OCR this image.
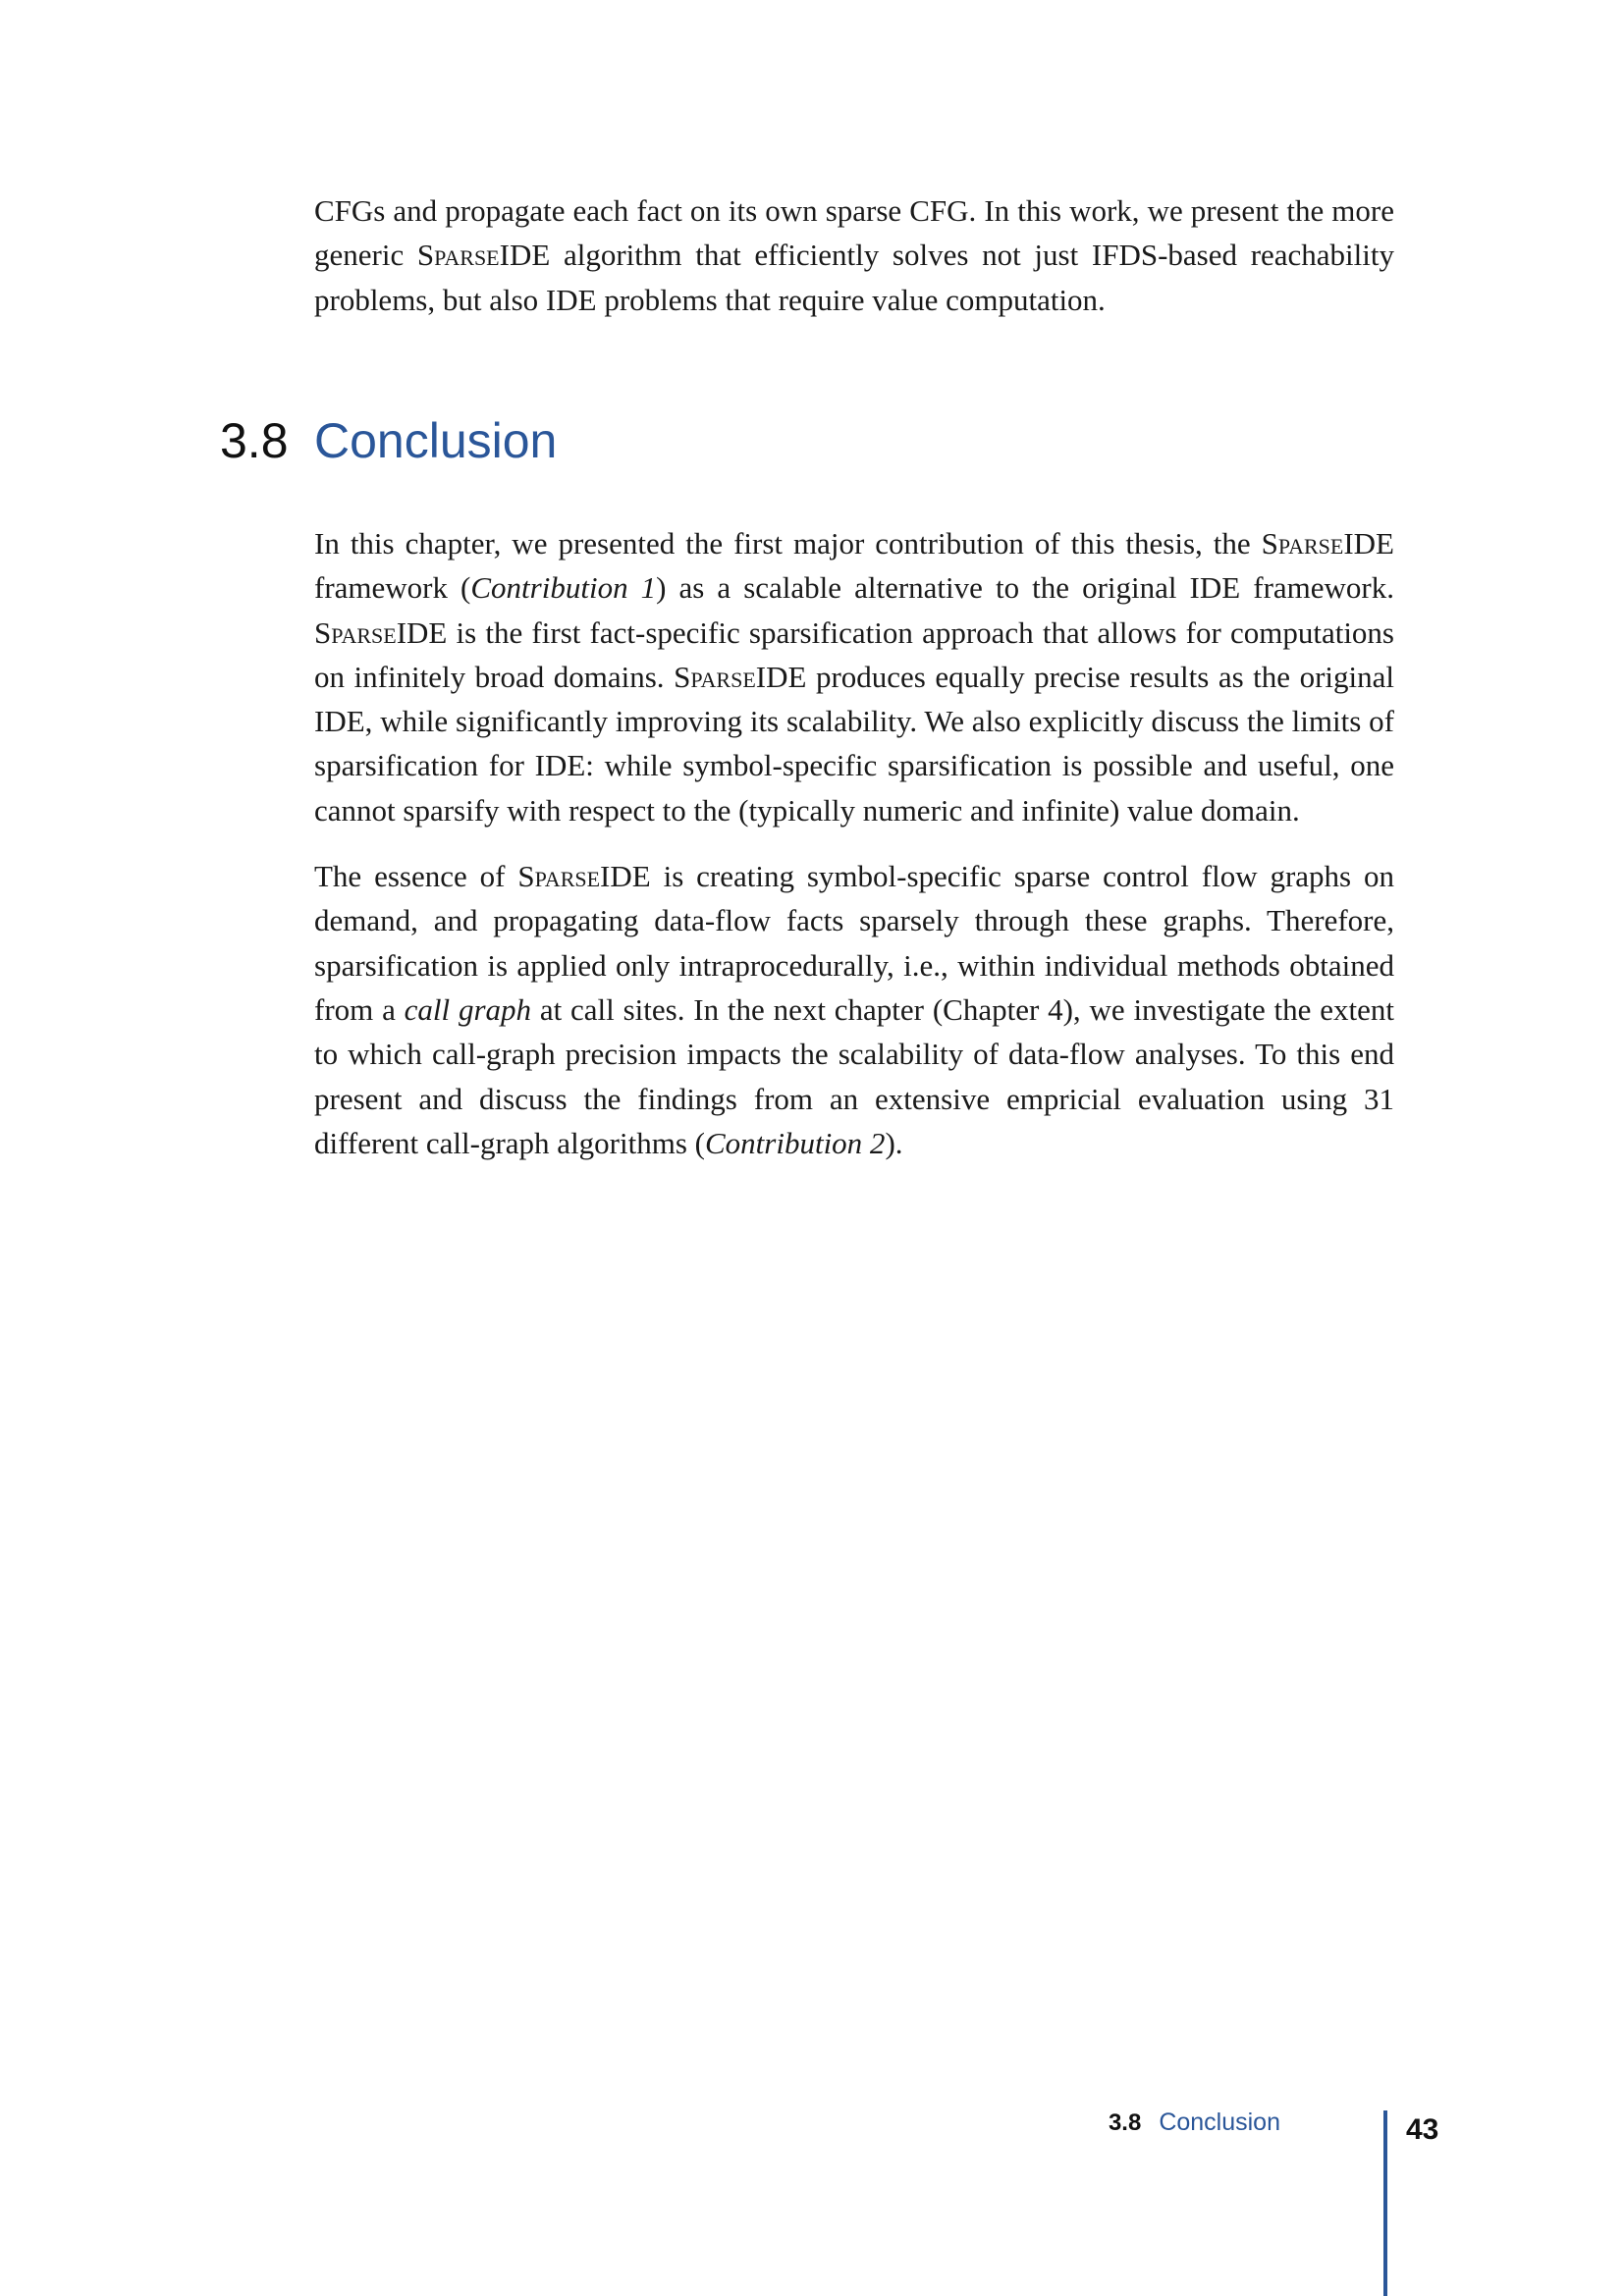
CFGs and propagate each fact on its own sparse CFG. In this work, we present the more generic SparseIDE algorithm that efficiently solves not just IFDS-based reachability problems, but also IDE problems that require value computation.

3.8 Conclusion

In this chapter, we presented the first major contribution of this thesis, the SparseIDE framework (Contribution 1) as a scalable alternative to the original IDE framework. SparseIDE is the first fact-specific sparsification approach that allows for computations on infinitely broad domains. SparseIDE produces equally precise results as the original IDE, while significantly improving its scalability. We also explicitly discuss the limits of sparsification for IDE: while symbol-specific sparsification is possible and useful, one cannot sparsify with respect to the (typically numeric and infinite) value domain.

The essence of SparseIDE is creating symbol-specific sparse control flow graphs on demand, and propagating data-flow facts sparsely through these graphs. Therefore, sparsification is applied only intraprocedurally, i.e., within individual methods obtained from a call graph at call sites. In the next chapter (Chapter 4), we investigate the extent to which call-graph precision impacts the scalability of data-flow analyses. To this end present and discuss the findings from an extensive empricial evaluation using 31 different call-graph algorithms (Contribution 2).

3.8 Conclusion	43
